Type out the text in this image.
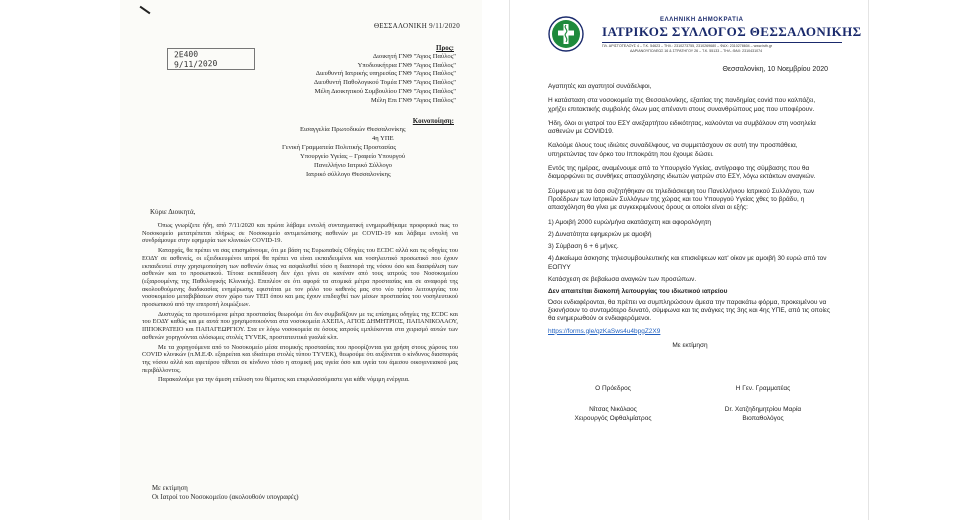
2Ε400
9/11/2020
ΘΕΣΣΑΛΟΝΙΚΗ 9/11/2020
Προς:
Διοικητή ΓΝΘ "Άγιος Παύλος"
Υποδιοικήτρια ΓΝΘ "Άγιος Παύλος"
Διευθυντή Ιατρικής υπηρεσίας ΓΝΘ "Άγιος Παύλος"
Διευθυντή Παθολογικού Τομέα ΓΝΘ "Άγιος Παύλος"
Μέλη Διοικητικού Συμβουλίου ΓΝΘ "Άγιος Παύλος"
Μέλη Επι ΓΝΘ "Άγιος Παύλος"
Κοινοποίηση:
Εισαγγελία Πρωτοδικών Θεσσαλονίκης
4η ΥΠΕ
Γενική Γραμματεία Πολιτικής Προστασίας
Υπουργείο Υγείας – Γραφείο Υπουργού
Πανελλήνιο Ιατρικό Σύλλογο
Ιατρικό σύλλογο Θεσσαλονίκης
Κύριε Διοικητά,

Όπως γνωρίζετε ήδη, από 7/11/2020 και πρώτα λάβαμε εντολή συνταγματική ενημερωθήκαμε προφορικά πως το Νοσοκομείο μετατρέπεται πλήρως σε Νοσοκομείο αντιμετώπισης ασθενών με COVID-19 και λάβαμε εντολή να συνδράμουμε στην εφημερία των κλινικών COVID-19.

Καταρχάς, θα πρέπει να σας επισημάνουμε, ότι με βάση τις Ευρωπαϊκές Οδηγίες του ECDC αλλά και τις οδηγίες του ΕΟΔΥ σε ασθενείς, οι εξειδικευμένοι ιατροί θα πρέπει να είναι εκπαιδευμένοι και νοσηλευτικό προσωπικό που έχουν εκπαιδευτεί στην χρησιμοποίηση των ασθενών όπως να ασφαλισθεί τόσο η διασπορά της νόσου όσο και διασφάλιση των ασθενών και το προσωπικού. Τέτοια εκπαίδευση δεν έχει γίνει σε κανέναν από τους ιατρούς του Νοσοκομείου (εξαιρουμένης της Παθολογικής Κλινικής). Επιπλέον σε ότι αφορά τα ατομικά μέτρα προστασίας και σε αναφορά της ακολουθούμενης διαδικασίας ενημέρωσης εφιστάται με τον ρόλο του καθενός μας στο νέο τρόπο λειτουργίας του νοσοκομείου μεταβιβάσεων στον χώρο των ΤΕΠ όπου και μας έχουν επιδειχθεί των μέσων προστασίας του νοσηλευτικού προσωπικού από την επιτροπή λοιμώξεων.

Δυστυχώς τα προτεινόμενα μέτρα προστασίας θεωρούμε ότι δεν συμβαδίζουν με τις επίσημες οδηγίες της ECDC και του ΕΟΔΥ καθώς και με αυτά που χρησιμοποιούνται στα νοσοκομεία ΑΧΕΠΑ, ΑΓΙΟΣ ΔΗΜΗΤΡΙΟΣ, ΠΑΠΑΝΙΚΟΛΑΟΥ, ΙΠΠΟΚΡΑΤΕΙΟ και ΠΑΠΑΓΕΩΡΓΙΟΥ. Στα εν λόγω νοσοκομεία σε όσους ιατρούς εμπλέκονται στα χειρισμό αυτών των ασθενών χορηγούνται ολόσωμες στολές TYVEK, προστατευτικά γυαλιά κλπ.

Με τα χορηγούμενα από το Νοσοκομείο μέσα ατομικής προστασίας που προορίζονται για χρήση στους χώρους του COVID κλινικών (π.Μ.Ε.Φ. εξαιρείται και ιδιαίτερα στολές τύπου TYVEK), θεωρούμε ότι αυξάνεται ο κίνδυνος διασποράς της νόσου αλλά και αφετέρου τίθεται σε κίνδυνο τόσο η ατομική μας υγεία όσο και υγεία του άμεσου οικογενειακού μας περιβάλλοντος.

Παρακαλούμε για την άμεση επίλυση του θέματος και επιφυλασσόμαστε για κάθε νόμιμη ενέργεια.

Με εκτίμηση
Οι Ιατροί του Νοσοκομείου (ακολουθούν υπογραφές)
ΕΛΛΗΝΙΚΗ ΔΗΜΟΚΡΑΤΙΑ
ΙΑΤΡΙΚΟΣ ΣΥΛΛΟΓΟΣ ΘΕΣΣΑΛΟΝΙΚΗΣ
ΠΛ. ΑΡΙΣΤΟΤΕΛΟΥΣ 4 – Τ.Κ. 54623 – ΤΗΛ.: 2310273755, 2310269680 – ΦΑΧ: 2310278604 – www.isth.gr
ΑΔΡΙΑΝΟΥΠΟΛΕΩΣ 16 & ΣΤΡΑΤΗΓΟΥ 26 – Τ.Κ. 55133 – ΤΗΛ.-ΦΑΧ: 2310431074
Θεσσαλονίκη, 10 Νοεμβρίου 2020

Αγαπητές και αγαπητοί συνάδελφοι,

Η κατάσταση στα νοσοκομεία της Θεσσαλονίκης, εξαιτίας της πανδημίας covid που καλπάζει, χρήζει επιτακτικής συμβολής όλων μας απέναντι στους συνανθρώπους μας που υποφέρουν.

Ήδη, όλοι οι γιατροί του ΕΣΥ ανεξαρτήτου ειδικότητας, καλούνται να συμβάλουν στη νοσηλεία ασθενών με COVID19.

Καλούμε όλους τους ιδιώτες συναδέλφους, να συμμετάσχουν σε αυτή την προσπάθεια, υπηρετώντας τον όρκο του Ιπποκράτη που έχουμε δώσει.

Εντός της ημέρας, αναμένουμε από το Υπουργείο Υγείας, αντίγραφο της σύμβασης που θα διαμορφώνει τις συνθήκες απασχόλησης ιδιωτών γιατρών στο ΕΣΥ, λόγω εκτάκτων αναγκών.

Σύμφωνα με τα όσα συζητήθηκαν σε τηλεδιάσκεψη του Πανελλήνιου Ιατρικού Συλλόγου, των Προέδρων των Ιατρικών Συλλόγων της χώρας και του Υπουργού Υγείας χθες το βράδυ, η απασχόληση θα γίνει με συγκεκριμένους όρους οι οποίοι είναι οι εξής:

1) Αμοιβή 2000 ευρώ/μήνα ακατάσχετη και αφορολόγητη

2) Δυνατότητα εφημεριών με αμοιβή

3) Σύμβαση 6 + 6 μήνες.

4) Δικαίωμα άσκησης τηλεσυμβουλευτικής και επισκέψεων κατ' οίκον με αμοιβή 30 ευρώ από τον ΕΟΠΥΥ

Κατάσχεση σε βεβαίωσα αναγκών των προσώπων.

Δεν απαιτείται διακοπή λειτουργίας του ιδιωτικού ιατρείου

Όσοι ενδιαφέρονται, θα πρέπει να συμπληρώσουν άμεσα την παρακάτω φόρμα, προκειμένου να ξεκινήσουν το συντομότερο δυνατό, σύμφωνα και τις ανάγκες της 3ης και 4ης ΥΠΕ, από τις οποίες θα ενημερωθούν οι ενδιαφερόμενοι.

https://forms.gle/qzKaSws4u4bpgZ2X9

Με εκτίμηση

Ο Πρόεδρος
Νίτσας Νικόλαος
Χειρουργός Οφθαλμίατρος
Η Γεν. Γραμματέας
Dr. Χατζηδημητρίου Μαρία
Βιοπαθολόγος
